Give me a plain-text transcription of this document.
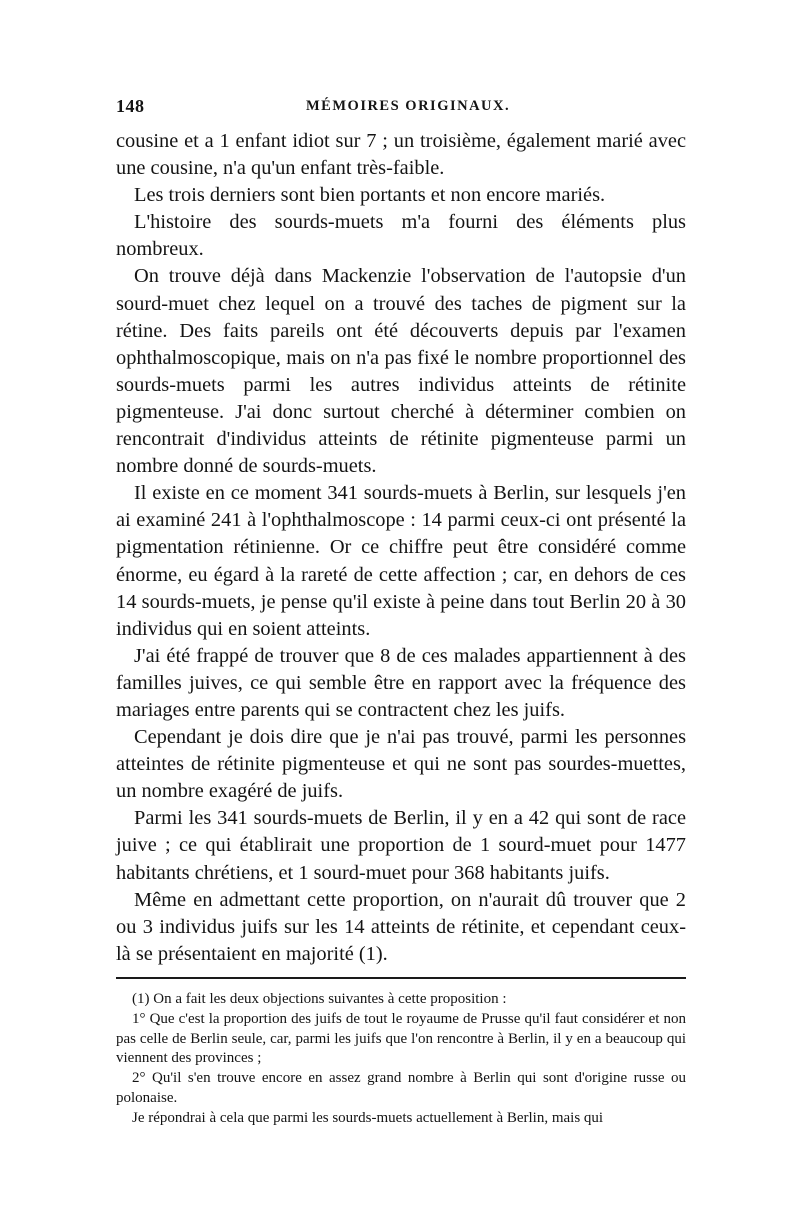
148	MÉMOIRES ORIGINAUX.

cousine et a 1 enfant idiot sur 7 ; un troisième, également marié avec une cousine, n'a qu'un enfant très-faible.

Les trois derniers sont bien portants et non encore mariés.

L'histoire des sourds-muets m'a fourni des éléments plus nombreux.

On trouve déjà dans Mackenzie l'observation de l'autopsie d'un sourd-muet chez lequel on a trouvé des taches de pigment sur la rétine. Des faits pareils ont été découverts depuis par l'examen ophthalmoscopique, mais on n'a pas fixé le nombre proportionnel des sourds-muets parmi les autres individus atteints de rétinite pigmenteuse. J'ai donc surtout cherché à déterminer combien on rencontrait d'individus atteints de rétinite pigmenteuse parmi un nombre donné de sourds-muets.

Il existe en ce moment 341 sourds-muets à Berlin, sur lesquels j'en ai examiné 241 à l'ophthalmoscope : 14 parmi ceux-ci ont présenté la pigmentation rétinienne. Or ce chiffre peut être considéré comme énorme, eu égard à la rareté de cette affection ; car, en dehors de ces 14 sourds-muets, je pense qu'il existe à peine dans tout Berlin 20 à 30 individus qui en soient atteints.

J'ai été frappé de trouver que 8 de ces malades appartiennent à des familles juives, ce qui semble être en rapport avec la fréquence des mariages entre parents qui se contractent chez les juifs.

Cependant je dois dire que je n'ai pas trouvé, parmi les personnes atteintes de rétinite pigmenteuse et qui ne sont pas sourdes-muettes, un nombre exagéré de juifs.

Parmi les 341 sourds-muets de Berlin, il y en a 42 qui sont de race juive ; ce qui établirait une proportion de 1 sourd-muet pour 1477 habitants chrétiens, et 1 sourd-muet pour 368 habitants juifs.

Même en admettant cette proportion, on n'aurait dû trouver que 2 ou 3 individus juifs sur les 14 atteints de rétinite, et cependant ceux-là se présentaient en majorité (1).

(1) On a fait les deux objections suivantes à cette proposition :

1° Que c'est la proportion des juifs de tout le royaume de Prusse qu'il faut considérer et non pas celle de Berlin seule, car, parmi les juifs que l'on rencontre à Berlin, il y en a beaucoup qui viennent des provinces ;

2° Qu'il s'en trouve encore en assez grand nombre à Berlin qui sont d'origine russe ou polonaise.

Je répondrai à cela que parmi les sourds-muets actuellement à Berlin, mais qui
